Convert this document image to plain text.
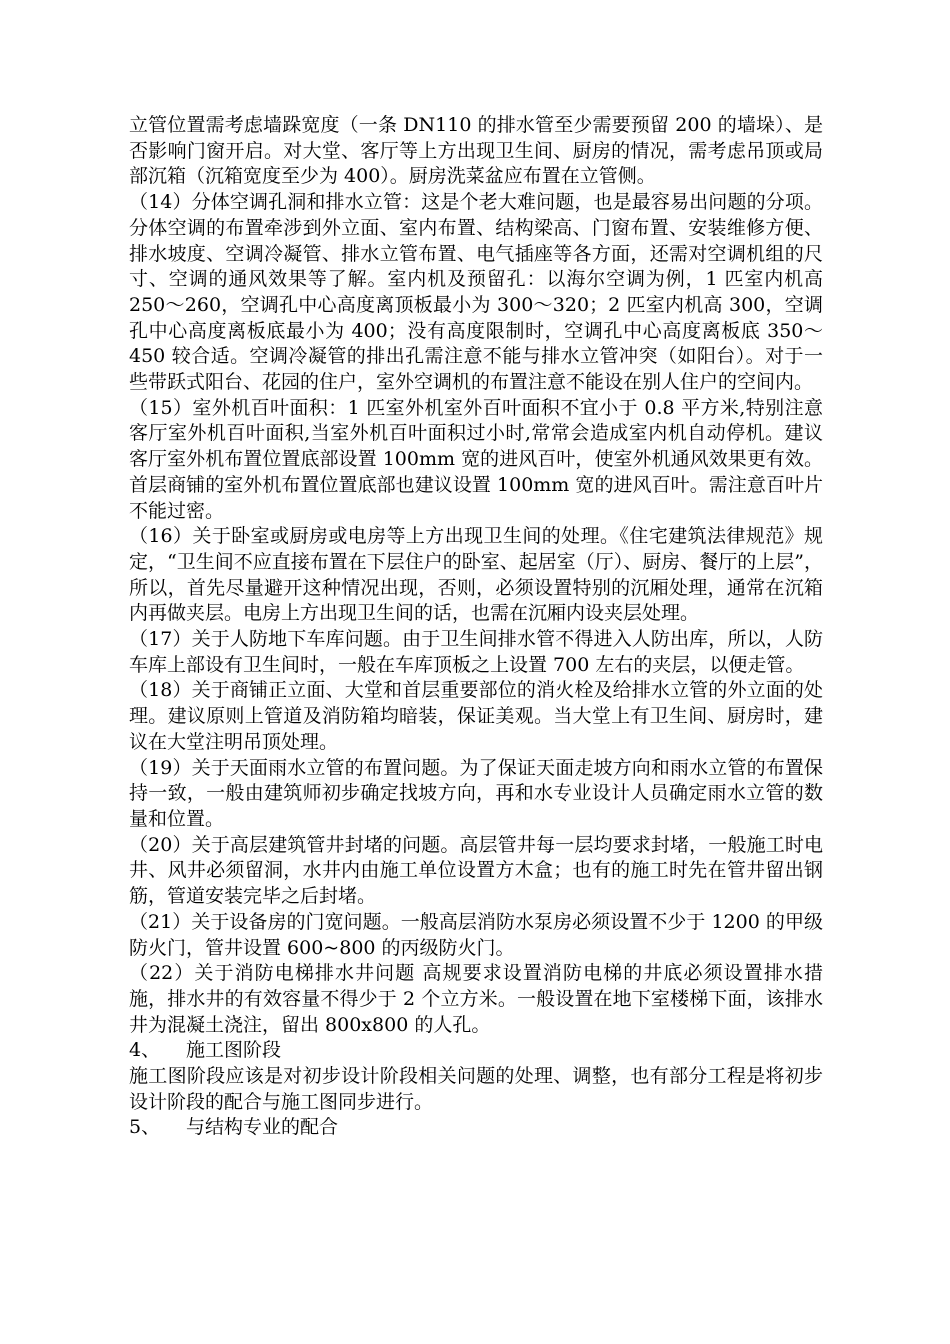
立管位置需考虑墙跺宽度（一条 DN110 的排水管至少需要预留 200 的墙垛）、是否影响门窗开启。对大堂、客厅等上方出现卫生间、厨房的情况，需考虑吊顶或局部沉箱（沉箱宽度至少为 400）。厨房洗菜盆应布置在立管侧。

（14）分体空调孔洞和排水立管：这是个老大难问题，也是最容易出问题的分项。分体空调的布置牵涉到外立面、室内布置、结构梁高、门窗布置、安装维修方便、排水坡度、空调冷凝管、排水立管布置、电气插座等各方面，还需对空调机组的尺寸、空调的通风效果等了解。室内机及预留孔：以海尔空调为例，1 匹室内机高 250～260，空调孔中心高度离顶板最小为 300～320；2 匹室内机高 300，空调孔中心高度离板底最小为 400；没有高度限制时，空调孔中心高度离板底 350～450 较合适。空调冷凝管的排出孔需注意不能与排水立管冲突（如阳台）。对于一些带跃式阳台、花园的住户，室外空调机的布置注意不能设在别人住户的空间内。

（15）室外机百叶面积：1 匹室外机室外百叶面积不宜小于 0.8 平方米,特别注意客厅室外机百叶面积,当室外机百叶面积过小时,常常会造成室内机自动停机。建议客厅室外机布置位置底部设置 100mm 宽的进风百叶，使室外机通风效果更有效。首层商铺的室外机布置位置底部也建议设置 100mm 宽的进风百叶。需注意百叶片不能过密。

（16）关于卧室或厨房或电房等上方出现卫生间的处理。《住宅建筑法律规范》规定，“卫生间不应直接布置在下层住户的卧室、起居室（厅）、厨房、餐厅的上层”，所以，首先尽量避开这种情况出现，否则，必须设置特别的沉厢处理，通常在沉箱内再做夹层。电房上方出现卫生间的话，也需在沉厢内设夹层处理。

（17）关于人防地下车库问题。由于卫生间排水管不得进入人防出库，所以，人防车库上部设有卫生间时，一般在车库顶板之上设置 700 左右的夹层，以便走管。

（18）关于商铺正立面、大堂和首层重要部位的消火栓及给排水立管的外立面的处理。建议原则上管道及消防箱均暗装，保证美观。当大堂上有卫生间、厨房时，建议在大堂注明吊顶处理。

（19）关于天面雨水立管的布置问题。为了保证天面走坡方向和雨水立管的布置保持一致，一般由建筑师初步确定找坡方向，再和水专业设计人员确定雨水立管的数量和位置。

（20）关于高层建筑管井封堵的问题。高层管井每一层均要求封堵，一般施工时电井、风井必须留洞，水井内由施工单位设置方木盒；也有的施工时先在管井留出钢筋，管道安装完毕之后封堵。

（21）关于设备房的门宽问题。一般高层消防水泵房必须设置不少于 1200 的甲级防火门，管井设置 600~800 的丙级防火门。

（22）关于消防电梯排水井问题 高规要求设置消防电梯的井底必须设置排水措施，排水井的有效容量不得少于 2 个立方米。一般设置在地下室楼梯下面，该排水井为混凝土浇注，留出 800x800 的人孔。

4、 施工图阶段

施工图阶段应该是对初步设计阶段相关问题的处理、调整，也有部分工程是将初步设计阶段的配合与施工图同步进行。

5、 与结构专业的配合
